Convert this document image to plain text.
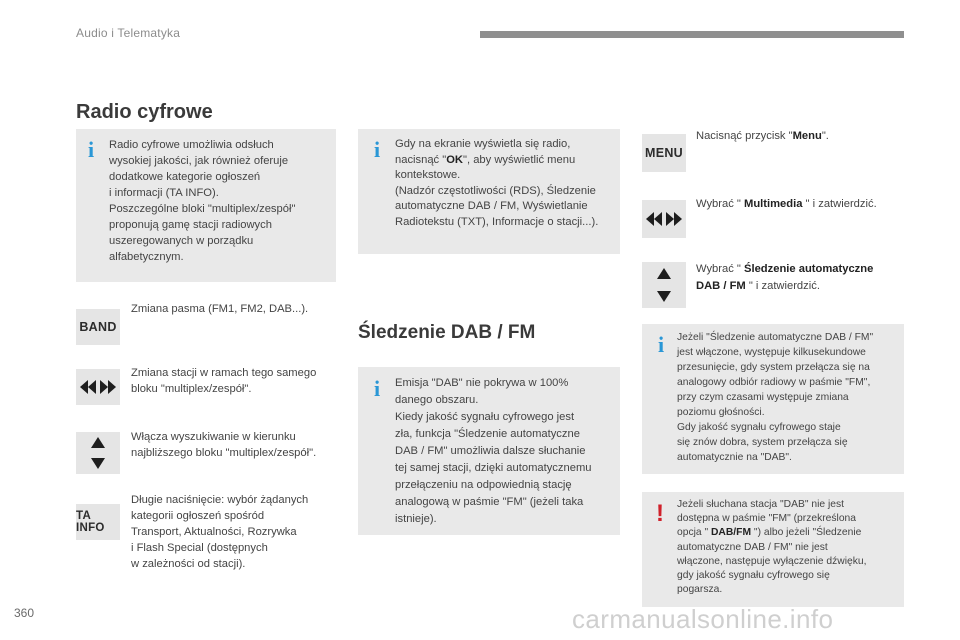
Audio i Telematyka
Radio cyfrowe
i Radio cyfrowe umożliwia odsłuch
wysokiej jakości, jak również oferuje
dodatkowe kategorie ogłoszeń
i informacji (TA INFO).
Poszczególne bloki "multiplex/zespół"
proponują gamę stacji radiowych
uszeregowanych w porządku
alfabetycznym.
i Gdy na ekranie wyświetla się radio,
nacisnąć "OK", aby wyświetlić menu
kontekstowe.
(Nadzór częstotliwości (RDS), Śledzenie
automatyczne DAB / FM, Wyświetlanie
Radiotekstu (TXT), Informacje o stacji...).
BAND
Zmiana pasma (FM1, FM2, DAB...).
Zmiana stacji w ramach tego samego
bloku "multiplex/zespół".
Włącza wyszukiwanie w kierunku
najbliższego bloku "multiplex/zespół".
TA INFO
Długie naciśnięcie: wybór żądanych
kategorii ogłoszeń spośród
Transport, Aktualności, Rozrywka
i Flash Special (dostępnych
w zależności od stacji).
Śledzenie DAB / FM
i Emisja "DAB" nie pokrywa w 100%
danego obszaru.
Kiedy jakość sygnału cyfrowego jest
zła, funkcja "Śledzenie automatyczne
DAB / FM" umożliwia dalsze słuchanie
tej samej stacji, dzięki automatycznemu
przełączeniu na odpowiednią stację
analogową w paśmie "FM" (jeżeli taka
istnieje).
MENU
Nacisnąć przycisk "Menu".
Wybrać " Multimedia " i zatwierdzić.
Wybrać " Śledzenie automatyczne
DAB / FM " i zatwierdzić.
i Jeżeli "Śledzenie automatyczne DAB / FM"
jest włączone, występuje kilkusekundowe
przesunięcie, gdy system przełącza się na
analogowy odbiór radiowy w paśmie "FM",
przy czym czasami występuje zmiana
poziomu głośności.
Gdy jakość sygnału cyfrowego staje
się znów dobra, system przełącza się
automatycznie na "DAB".
! Jeżeli słuchana stacja "DAB" nie jest
dostępna w paśmie "FM" (przekreślona
opcja " DAB/FM ") albo jeżeli "Śledzenie
automatyczne DAB / FM" nie jest
włączone, następuje wyłączenie dźwięku,
gdy jakość sygnału cyfrowego się
pogarsza.
360	carmanualsonline.info
